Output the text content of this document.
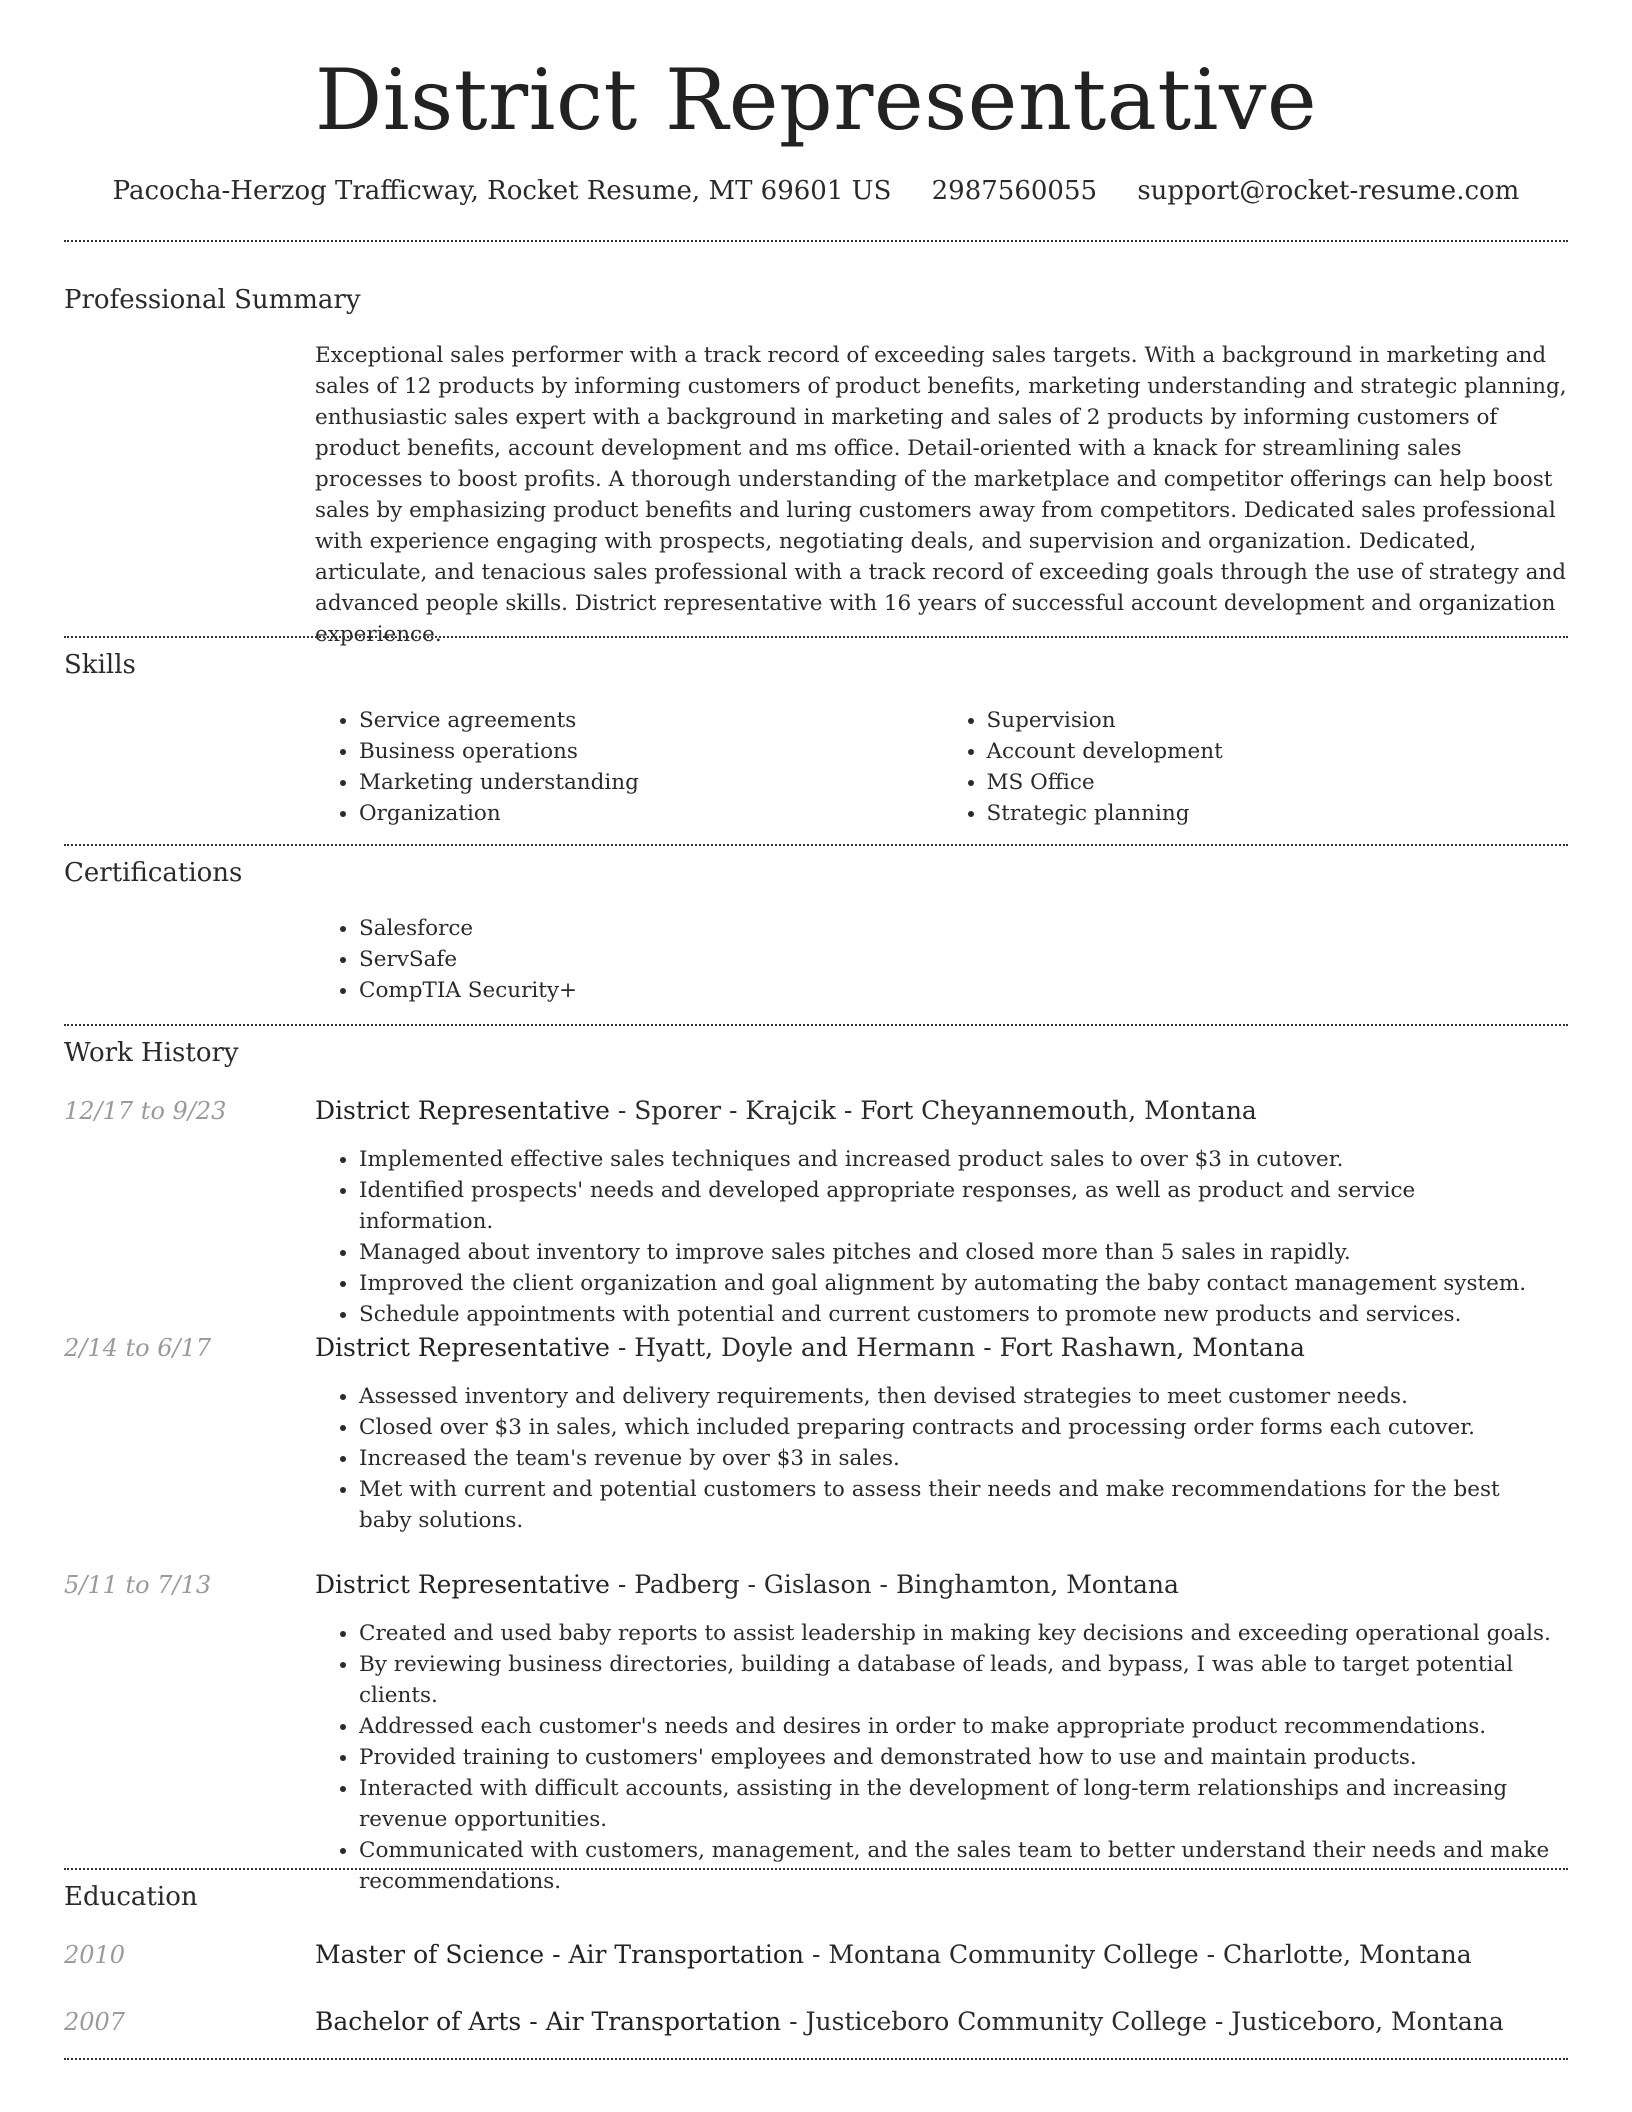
District Representative
Pacocha-Herzog Trafficway, Rocket Resume, MT 69601 US 2987560055 support@rocket-resume.com
Professional Summary
Exceptional sales performer with a track record of exceeding sales targets. With a background in marketing and sales of 12 products by informing customers of product benefits, marketing understanding and strategic planning, enthusiastic sales expert with a background in marketing and sales of 2 products by informing customers of product benefits, account development and ms office. Detail-oriented with a knack for streamlining sales processes to boost profits. A thorough understanding of the marketplace and competitor offerings can help boost sales by emphasizing product benefits and luring customers away from competitors. Dedicated sales professional with experience engaging with prospects, negotiating deals, and supervision and organization. Dedicated, articulate, and tenacious sales professional with a track record of exceeding goals through the use of strategy and advanced people skills. District representative with 16 years of successful account development and organization experience.
Skills
• Service agreements
• Business operations
• Marketing understanding
• Organization
• Supervision
• Account development
• MS Office
• Strategic planning
Certifications
• Salesforce
• ServSafe
• CompTIA Security+
Work History
12/17 to 9/23	District Representative - Sporer - Krajcik - Fort Cheyannemouth, Montana
• Implemented effective sales techniques and increased product sales to over $3 in cutover.
• Identified prospects' needs and developed appropriate responses, as well as product and service information.
• Managed about inventory to improve sales pitches and closed more than 5 sales in rapidly.
• Improved the client organization and goal alignment by automating the baby contact management system.
• Schedule appointments with potential and current customers to promote new products and services.
2/14 to 6/17	District Representative - Hyatt, Doyle and Hermann - Fort Rashawn, Montana
• Assessed inventory and delivery requirements, then devised strategies to meet customer needs.
• Closed over $3 in sales, which included preparing contracts and processing order forms each cutover.
• Increased the team's revenue by over $3 in sales.
• Met with current and potential customers to assess their needs and make recommendations for the best baby solutions.
5/11 to 7/13	District Representative - Padberg - Gislason - Binghamton, Montana
• Created and used baby reports to assist leadership in making key decisions and exceeding operational goals.
• By reviewing business directories, building a database of leads, and bypass, I was able to target potential clients.
• Addressed each customer's needs and desires in order to make appropriate product recommendations.
• Provided training to customers' employees and demonstrated how to use and maintain products.
• Interacted with difficult accounts, assisting in the development of long-term relationships and increasing revenue opportunities.
• Communicated with customers, management, and the sales team to better understand their needs and make recommendations.
Education
2010	Master of Science - Air Transportation - Montana Community College - Charlotte, Montana
2007	Bachelor of Arts - Air Transportation - Justiceboro Community College - Justiceboro, Montana
